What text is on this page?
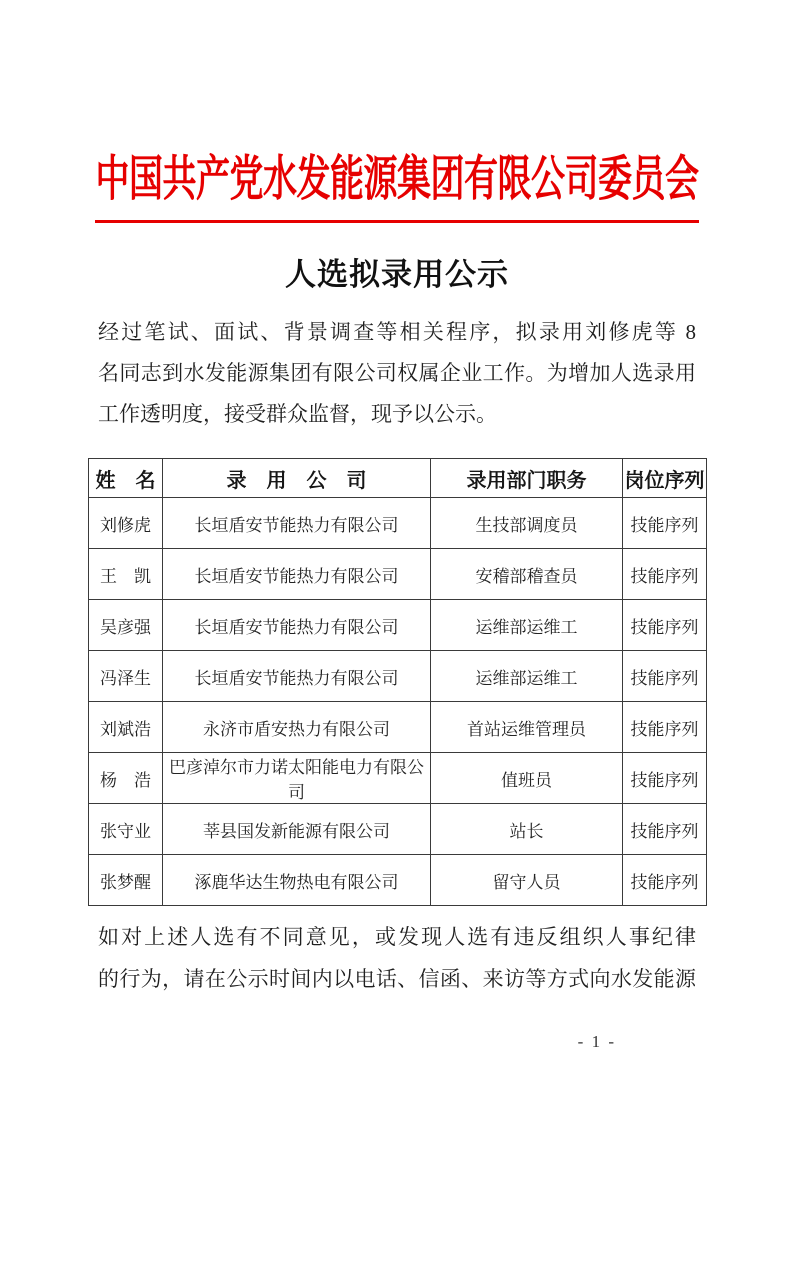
中国共产党水发能源集团有限公司委员会
人选拟录用公示
经过笔试、面试、背景调查等相关程序，拟录用刘修虎等 8
名同志到水发能源集团有限公司权属企业工作。为增加人选录用
工作透明度，接受群众监督，现予以公示。
姓　名	录　用　公　司	录用部门职务	岗位序列
刘修虎	长垣盾安节能热力有限公司	生技部调度员	技能序列
王　凯	长垣盾安节能热力有限公司	安稽部稽查员	技能序列
吴彦强	长垣盾安节能热力有限公司	运维部运维工	技能序列
冯泽生	长垣盾安节能热力有限公司	运维部运维工	技能序列
刘斌浩	永济市盾安热力有限公司	首站运维管理员	技能序列
杨　浩	巴彦淖尔市力诺太阳能电力有限公司	值班员	技能序列
张守业	莘县国发新能源有限公司	站长	技能序列
张梦醒	涿鹿华达生物热电有限公司	留守人员	技能序列
如对上述人选有不同意见，或发现人选有违反组织人事纪律
的行为，请在公示时间内以电话、信函、来访等方式向水发能源
- 1 -
